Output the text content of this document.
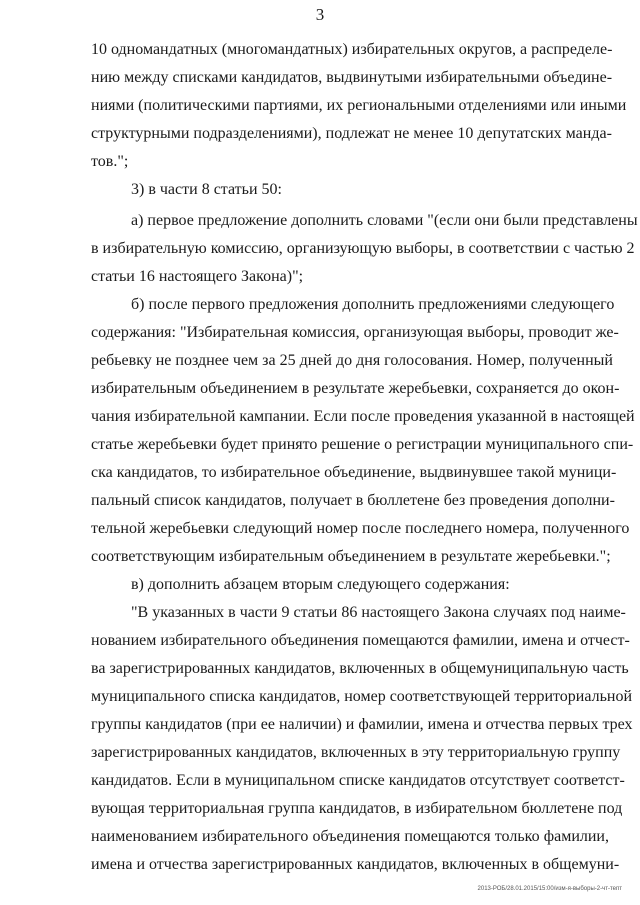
3
10 одномандатных (многомандатных) избирательных округов, а распределе-
нию между списками кандидатов, выдвинутыми избирательными объедине-
ниями (политическими партиями, их региональными отделениями или иными
структурными подразделениями), подлежат не менее 10 депутатских манда-
тов.";
3) в части 8 статьи 50:
а) первое предложение дополнить словами "(если они были представлены
в избирательную комиссию, организующую выборы, в соответствии с частью 2
статьи 16 настоящего Закона)";
б) после первого предложения дополнить предложениями следующего
содержания: "Избирательная комиссия, организующая выборы, проводит же-
ребьевку не позднее чем за 25 дней до дня голосования. Номер, полученный
избирательным объединением в результате жеребьевки, сохраняется до окон-
чания избирательной кампании. Если после проведения указанной в настоящей
статье жеребьевки будет принято решение о регистрации муниципального спи-
ска кандидатов, то избирательное объединение, выдвинувшее такой муници-
пальный список кандидатов, получает в бюллетене без проведения дополни-
тельной жеребьевки следующий номер после последнего номера, полученного
соответствующим избирательным объединением в результате жеребьевки.";
в) дополнить абзацем вторым следующего содержания:
"В указанных в части 9 статьи 86 настоящего Закона случаях под наиме-
нованием избирательного объединения помещаются фамилии, имена и отчест-
ва зарегистрированных кандидатов, включенных в общемуниципальную часть
муниципального списка кандидатов, номер соответствующей территориальной
группы кандидатов (при ее наличии) и фамилии, имена и отчества первых трех
зарегистрированных кандидатов, включенных в эту территориальную группу
кандидатов. Если в муниципальном списке кандидатов отсутствует соответст-
вующая территориальная группа кандидатов, в избирательном бюллетене под
наименованием избирательного объединения помещаются только фамилии,
имена и отчества зарегистрированных кандидатов, включенных в общемуни-
2013-РОБ/28.01.2015/15:00/изм-я-выборы-2-чт-тепт
